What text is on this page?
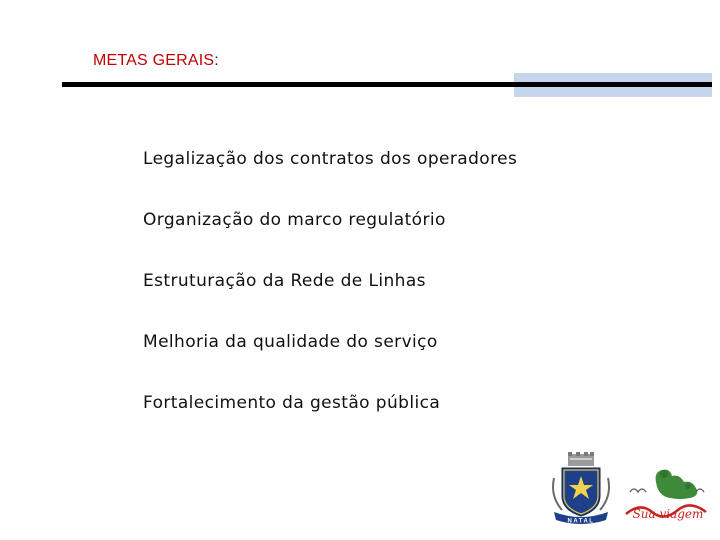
METAS GERAIS:
Legalização dos contratos dos operadores
Organização do marco regulatório
Estruturação da Rede de Linhas
Melhoria da qualidade do serviço
Fortalecimento da gestão pública
NATAL
Sua viagem
